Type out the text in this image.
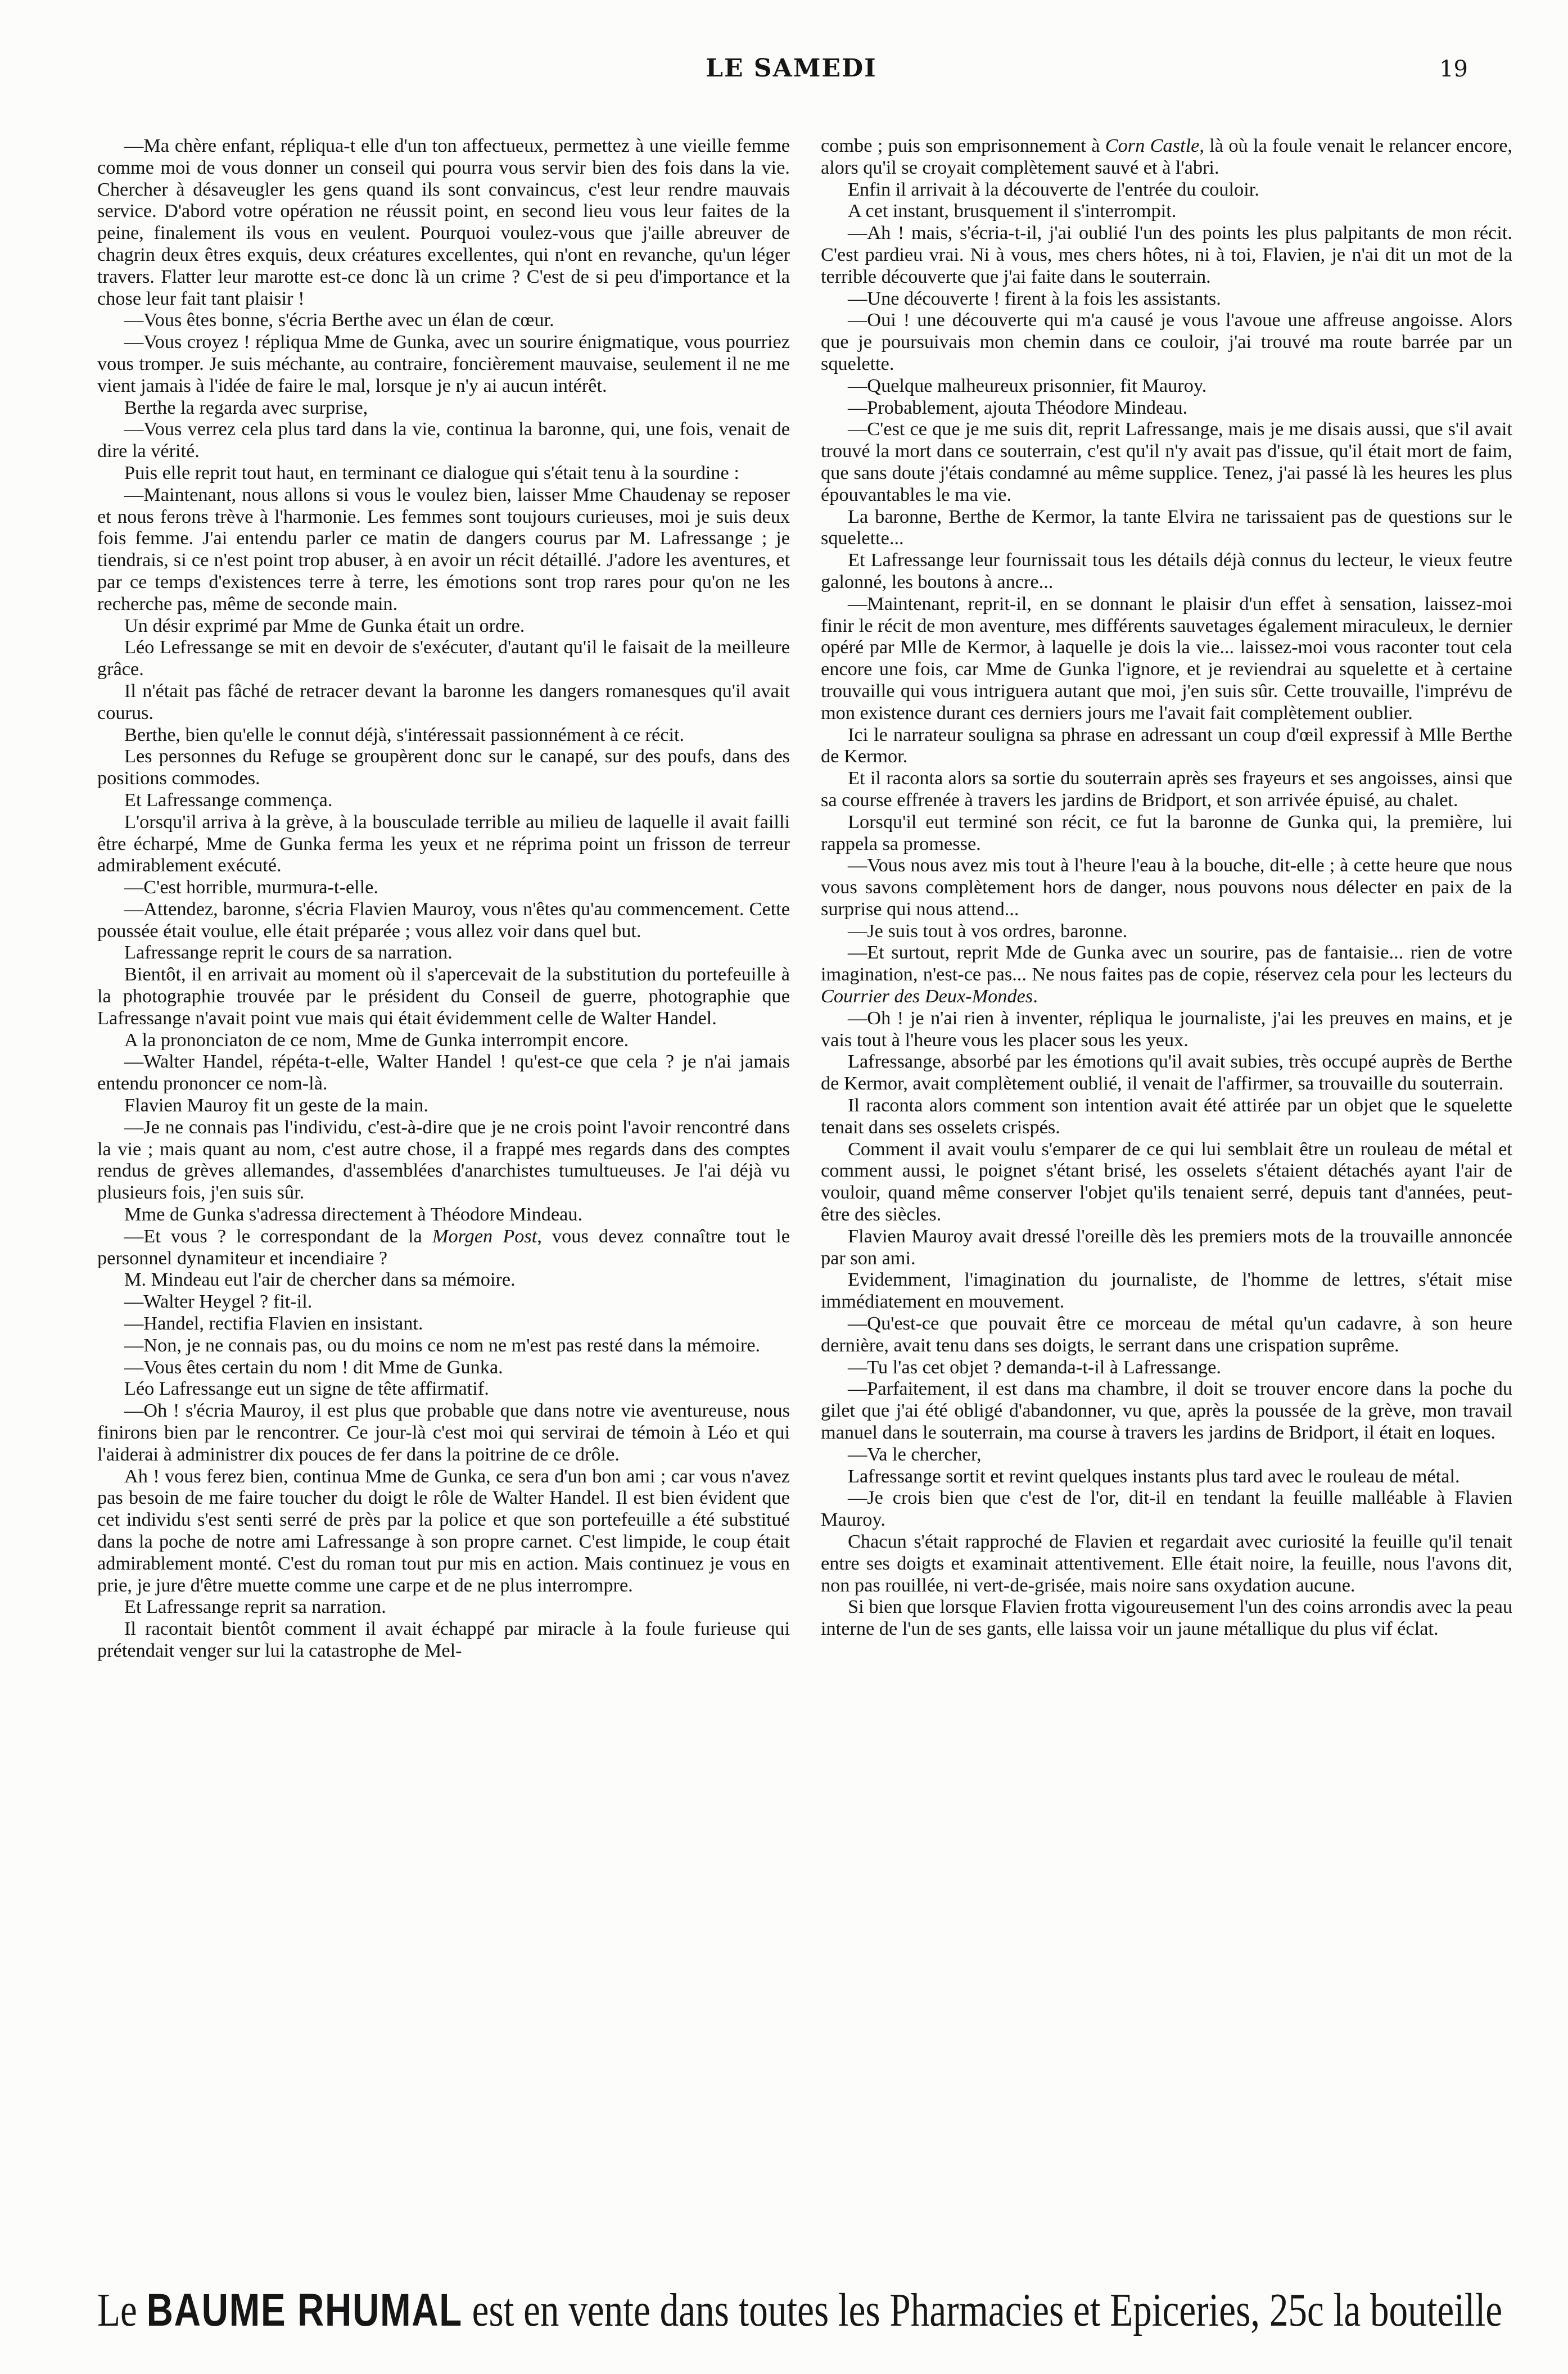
LE SAMEDI	19

—Ma chère enfant, répliqua-t elle d'un ton affectueux, permettez à une vieille femme comme moi de vous donner un conseil qui pourra vous servir bien des fois dans la vie. Chercher à désaveugler les gens quand ils sont convaincus, c'est leur rendre mauvais service. D'abord votre opération ne réussit point, en second lieu vous leur faites de la peine, finalement ils vous en veulent. Pourquoi voulez-vous que j'aille abreuver de chagrin deux êtres exquis, deux créatures excellentes, qui n'ont en revanche, qu'un léger travers. Flatter leur marotte est-ce donc là un crime ? C'est de si peu d'importance et la chose leur fait tant plaisir !

—Vous êtes bonne, s'écria Berthe avec un élan de cœur.

—Vous croyez ! répliqua Mme de Gunka, avec un sourire énigmatique, vous pourriez vous tromper. Je suis méchante, au contraire, foncièrement mauvaise, seulement il ne me vient jamais à l'idée de faire le mal, lorsque je n'y ai aucun intérêt.

Berthe la regarda avec surprise,

—Vous verrez cela plus tard dans la vie, continua la baronne, qui, une fois, venait de dire la vérité.

Puis elle reprit tout haut, en terminant ce dialogue qui s'était tenu à la sourdine :

—Maintenant, nous allons si vous le voulez bien, laisser Mme Chaudenay se reposer et nous ferons trève à l'harmonie. Les femmes sont toujours curieuses, moi je suis deux fois femme. J'ai entendu parler ce matin de dangers courus par M. Lafressange ; je tiendrais, si ce n'est point trop abuser, à en avoir un récit détaillé. J'adore les aventures, et par ce temps d'existences terre à terre, les émotions sont trop rares pour qu'on ne les recherche pas, même de seconde main.

Un désir exprimé par Mme de Gunka était un ordre.

Léo Lefressange se mit en devoir de s'exécuter, d'autant qu'il le faisait de la meilleure grâce.

Il n'était pas fâché de retracer devant la baronne les dangers romanesques qu'il avait courus.

Berthe, bien qu'elle le connut déjà, s'intéressait passionnément à ce récit.

Les personnes du Refuge se groupèrent donc sur le canapé, sur des poufs, dans des positions commodes.

Et Lafressange commença.

L'orsqu'il arriva à la grève, à la bousculade terrible au milieu de laquelle il avait failli être écharpé, Mme de Gunka ferma les yeux et ne réprima point un frisson de terreur admirablement exécuté.

—C'est horrible, murmura-t-elle.

—Attendez, baronne, s'écria Flavien Mauroy, vous n'êtes qu'au commencement. Cette poussée était voulue, elle était préparée ; vous allez voir dans quel but.

Lafressange reprit le cours de sa narration.

Bientôt, il en arrivait au moment où il s'apercevait de la substitution du portefeuille à la photographie trouvée par le président du Conseil de guerre, photographie que Lafressange n'avait point vue mais qui était évidemment celle de Walter Handel.

A la prononciaton de ce nom, Mme de Gunka interrompit encore.

—Walter Handel, répéta-t-elle, Walter Handel ! qu'est-ce que cela ? je n'ai jamais entendu prononcer ce nom-là.

Flavien Mauroy fit un geste de la main.

—Je ne connais pas l'individu, c'est-à-dire que je ne crois point l'avoir rencontré dans la vie ; mais quant au nom, c'est autre chose, il a frappé mes regards dans des comptes rendus de grèves allemandes, d'assemblées d'anarchistes tumultueuses. Je l'ai déjà vu plusieurs fois, j'en suis sûr.

Mme de Gunka s'adressa directement à Théodore Mindeau.

—Et vous ? le correspondant de la Morgen Post, vous devez connaître tout le personnel dynamiteur et incendiaire ?

M. Mindeau eut l'air de chercher dans sa mémoire.

—Walter Heygel ? fit-il.

—Handel, rectifia Flavien en insistant.

—Non, je ne connais pas, ou du moins ce nom ne m'est pas resté dans la mémoire.

—Vous êtes certain du nom ! dit Mme de Gunka.

Léo Lafressange eut un signe de tête affirmatif.

—Oh ! s'écria Mauroy, il est plus que probable que dans notre vie aventureuse, nous finirons bien par le rencontrer. Ce jour-là c'est moi qui servirai de témoin à Léo et qui l'aiderai à administrer dix pouces de fer dans la poitrine de ce drôle.

Ah ! vous ferez bien, continua Mme de Gunka, ce sera d'un bon ami ; car vous n'avez pas besoin de me faire toucher du doigt le rôle de Walter Handel. Il est bien évident que cet individu s'est senti serré de près par la police et que son portefeuille a été substitué dans la poche de notre ami Lafressange à son propre carnet. C'est limpide, le coup était admirablement monté. C'est du roman tout pur mis en action. Mais continuez je vous en prie, je jure d'être muette comme une carpe et de ne plus interrompre.

Et Lafressange reprit sa narration.

Il racontait bientôt comment il avait échappé par miracle à la foule furieuse qui prétendait venger sur lui la catastrophe de Mel-

combe ; puis son emprisonnement à Corn Castle, là où la foule venait le relancer encore, alors qu'il se croyait complètement sauvé et à l'abri.

Enfin il arrivait à la découverte de l'entrée du couloir.

A cet instant, brusquement il s'interrompit.

—Ah ! mais, s'écria-t-il, j'ai oublié l'un des points les plus palpitants de mon récit. C'est pardieu vrai. Ni à vous, mes chers hôtes, ni à toi, Flavien, je n'ai dit un mot de la terrible découverte que j'ai faite dans le souterrain.

—Une découverte ! firent à la fois les assistants.

—Oui ! une découverte qui m'a causé je vous l'avoue une affreuse angoisse. Alors que je poursuivais mon chemin dans ce couloir, j'ai trouvé ma route barrée par un squelette.

—Quelque malheureux prisonnier, fit Mauroy.

—Probablement, ajouta Théodore Mindeau.

—C'est ce que je me suis dit, reprit Lafressange, mais je me disais aussi, que s'il avait trouvé la mort dans ce souterrain, c'est qu'il n'y avait pas d'issue, qu'il était mort de faim, que sans doute j'étais condamné au même supplice. Tenez, j'ai passé là les heures les plus épouvantables le ma vie.

La baronne, Berthe de Kermor, la tante Elvira ne tarissaient pas de questions sur le squelette...

Et Lafressange leur fournissait tous les détails déjà connus du lecteur, le vieux feutre galonné, les boutons à ancre...

—Maintenant, reprit-il, en se donnant le plaisir d'un effet à sensation, laissez-moi finir le récit de mon aventure, mes différents sauvetages également miraculeux, le dernier opéré par Mlle de Kermor, à laquelle je dois la vie... laissez-moi vous raconter tout cela encore une fois, car Mme de Gunka l'ignore, et je reviendrai au squelette et à certaine trouvaille qui vous intriguera autant que moi, j'en suis sûr. Cette trouvaille, l'imprévu de mon existence durant ces derniers jours me l'avait fait complètement oublier.

Ici le narrateur souligna sa phrase en adressant un coup d'œil expressif à Mlle Berthe de Kermor.

Et il raconta alors sa sortie du souterrain après ses frayeurs et ses angoisses, ainsi que sa course effrenée à travers les jardins de Bridport, et son arrivée épuisé, au chalet.

Lorsqu'il eut terminé son récit, ce fut la baronne de Gunka qui, la première, lui rappela sa promesse.

—Vous nous avez mis tout à l'heure l'eau à la bouche, dit-elle ; à cette heure que nous vous savons complètement hors de danger, nous pouvons nous délecter en paix de la surprise qui nous attend...

—Je suis tout à vos ordres, baronne.

—Et surtout, reprit Mde de Gunka avec un sourire, pas de fantaisie... rien de votre imagination, n'est-ce pas... Ne nous faites pas de copie, réservez cela pour les lecteurs du Courrier des Deux-Mondes.

—Oh ! je n'ai rien à inventer, répliqua le journaliste, j'ai les preuves en mains, et je vais tout à l'heure vous les placer sous les yeux.

Lafressange, absorbé par les émotions qu'il avait subies, très occupé auprès de Berthe de Kermor, avait complètement oublié, il venait de l'affirmer, sa trouvaille du souterrain.

Il raconta alors comment son intention avait été attirée par un objet que le squelette tenait dans ses osselets crispés.

Comment il avait voulu s'emparer de ce qui lui semblait être un rouleau de métal et comment aussi, le poignet s'étant brisé, les osselets s'étaient détachés ayant l'air de vouloir, quand même conserver l'objet qu'ils tenaient serré, depuis tant d'années, peut-être des siècles.

Flavien Mauroy avait dressé l'oreille dès les premiers mots de la trouvaille annoncée par son ami.

Evidemment, l'imagination du journaliste, de l'homme de lettres, s'était mise immédiatement en mouvement.

—Qu'est-ce que pouvait être ce morceau de métal qu'un cadavre, à son heure dernière, avait tenu dans ses doigts, le serrant dans une crispation suprême.

—Tu l'as cet objet ? demanda-t-il à Lafressange.

—Parfaitement, il est dans ma chambre, il doit se trouver encore dans la poche du gilet que j'ai été obligé d'abandonner, vu que, après la poussée de la grève, mon travail manuel dans le souterrain, ma course à travers les jardins de Bridport, il était en loques.

—Va le chercher,

Lafressange sortit et revint quelques instants plus tard avec le rouleau de métal.

—Je crois bien que c'est de l'or, dit-il en tendant la feuille malléable à Flavien Mauroy.

Chacun s'était rapproché de Flavien et regardait avec curiosité la feuille qu'il tenait entre ses doigts et examinait attentivement. Elle était noire, la feuille, nous l'avons dit, non pas rouillée, ni vert-de-grisée, mais noire sans oxydation aucune.

Si bien que lorsque Flavien frotta vigoureusement l'un des coins arrondis avec la peau interne de l'un de ses gants, elle laissa voir un jaune métallique du plus vif éclat.

Le BAUME RHUMAL est en vente dans toutes les Pharmacies et Epiceries, 25c la bouteille
